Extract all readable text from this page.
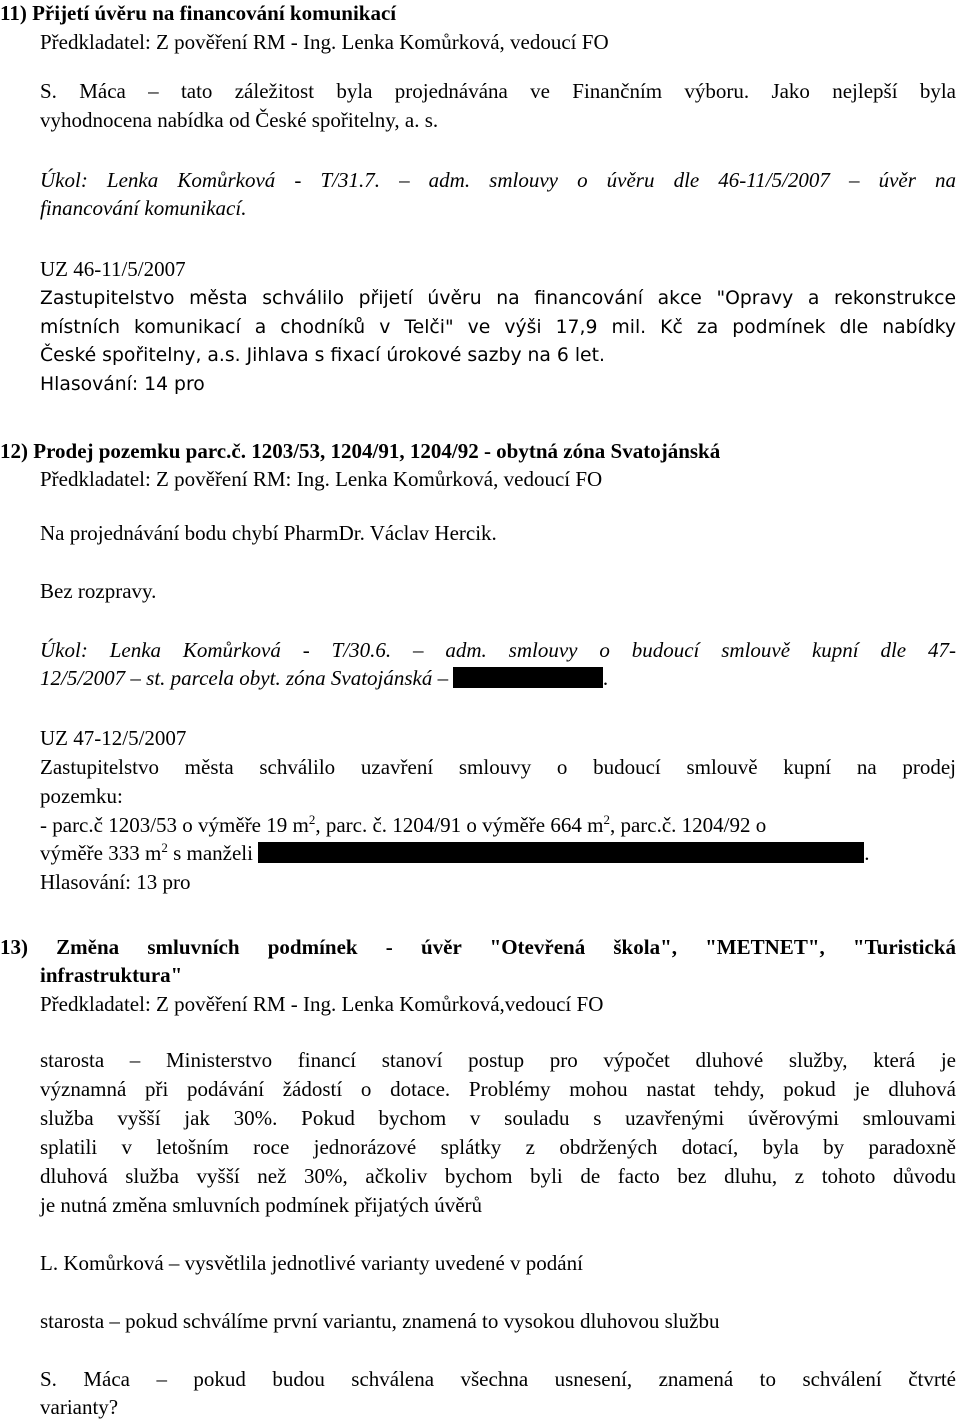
11) Přijetí úvěru na financování komunikací
Předkladatel: Z pověření RM - Ing. Lenka Komůrková, vedoucí FO
S. Máca – tato záležitost byla projednávána ve Finančním výboru. Jako nejlepší byla
vyhodnocena nabídka od České spořitelny, a. s.
Úkol: Lenka Komůrková - T/31.7. – adm. smlouvy o úvěru dle 46-11/5/2007 – úvěr na
financování komunikací.
UZ 46-11/5/2007
Zastupitelstvo města schválilo přijetí úvěru na financování akce "Opravy a rekonstrukce
místních komunikací a chodníků v Telči" ve výši 17,9 mil. Kč za podmínek dle nabídky
České spořitelny, a.s. Jihlava s fixací úrokové sazby na 6 let.
Hlasování: 14 pro
12) Prodej pozemku parc.č. 1203/53, 1204/91, 1204/92 - obytná zóna Svatojánská
Předkladatel: Z pověření RM: Ing. Lenka Komůrková, vedoucí FO
Na projednávání bodu chybí PharmDr. Václav Hercik.
Bez rozpravy.
Úkol: Lenka Komůrková - T/30.6. – adm. smlouvy o budoucí smlouvě kupní dle 47-
12/5/2007 – st. parcela obyt. zóna Svatojánská –	.
UZ 47-12/5/2007
Zastupitelstvo města schválilo uzavření smlouvy o budoucí smlouvě kupní na prodej
pozemku:
- parc.č 1203/53 o výměře 19 $m^2$, parc. č. 1204/91 o výměře 664 $m^2$, parc.č. 1204/92 o
výměře 333 $m^2$ s manželi	.
Hlasování: 13 pro
13) Změna smluvních podmínek - úvěr "Otevřená škola", "METNET", "Turistická
infrastruktura"
Předkladatel: Z pověření RM - Ing. Lenka Komůrková,vedoucí FO
starosta – Ministerstvo financí stanoví postup pro výpočet dluhové služby, která je
významná při podávání žádostí o dotace. Problémy mohou nastat tehdy, pokud je dluhová
služba vyšší jak 30%. Pokud bychom v souladu s uzavřenými úvěrovými smlouvami
splatili v letošním roce jednorázové splátky z obdržených dotací, byla by paradoxně
dluhová služba vyšší než 30%, ačkoliv bychom byli de facto bez dluhu, z tohoto důvodu
je nutná změna smluvních podmínek přijatých úvěrů
L. Komůrková – vysvětlila jednotlivé varianty uvedené v podání
starosta – pokud schválíme první variantu, znamená to vysokou dluhovou službu
S. Máca – pokud budou schválena všechna usnesení, znamená to schválení čtvrté
varianty?
